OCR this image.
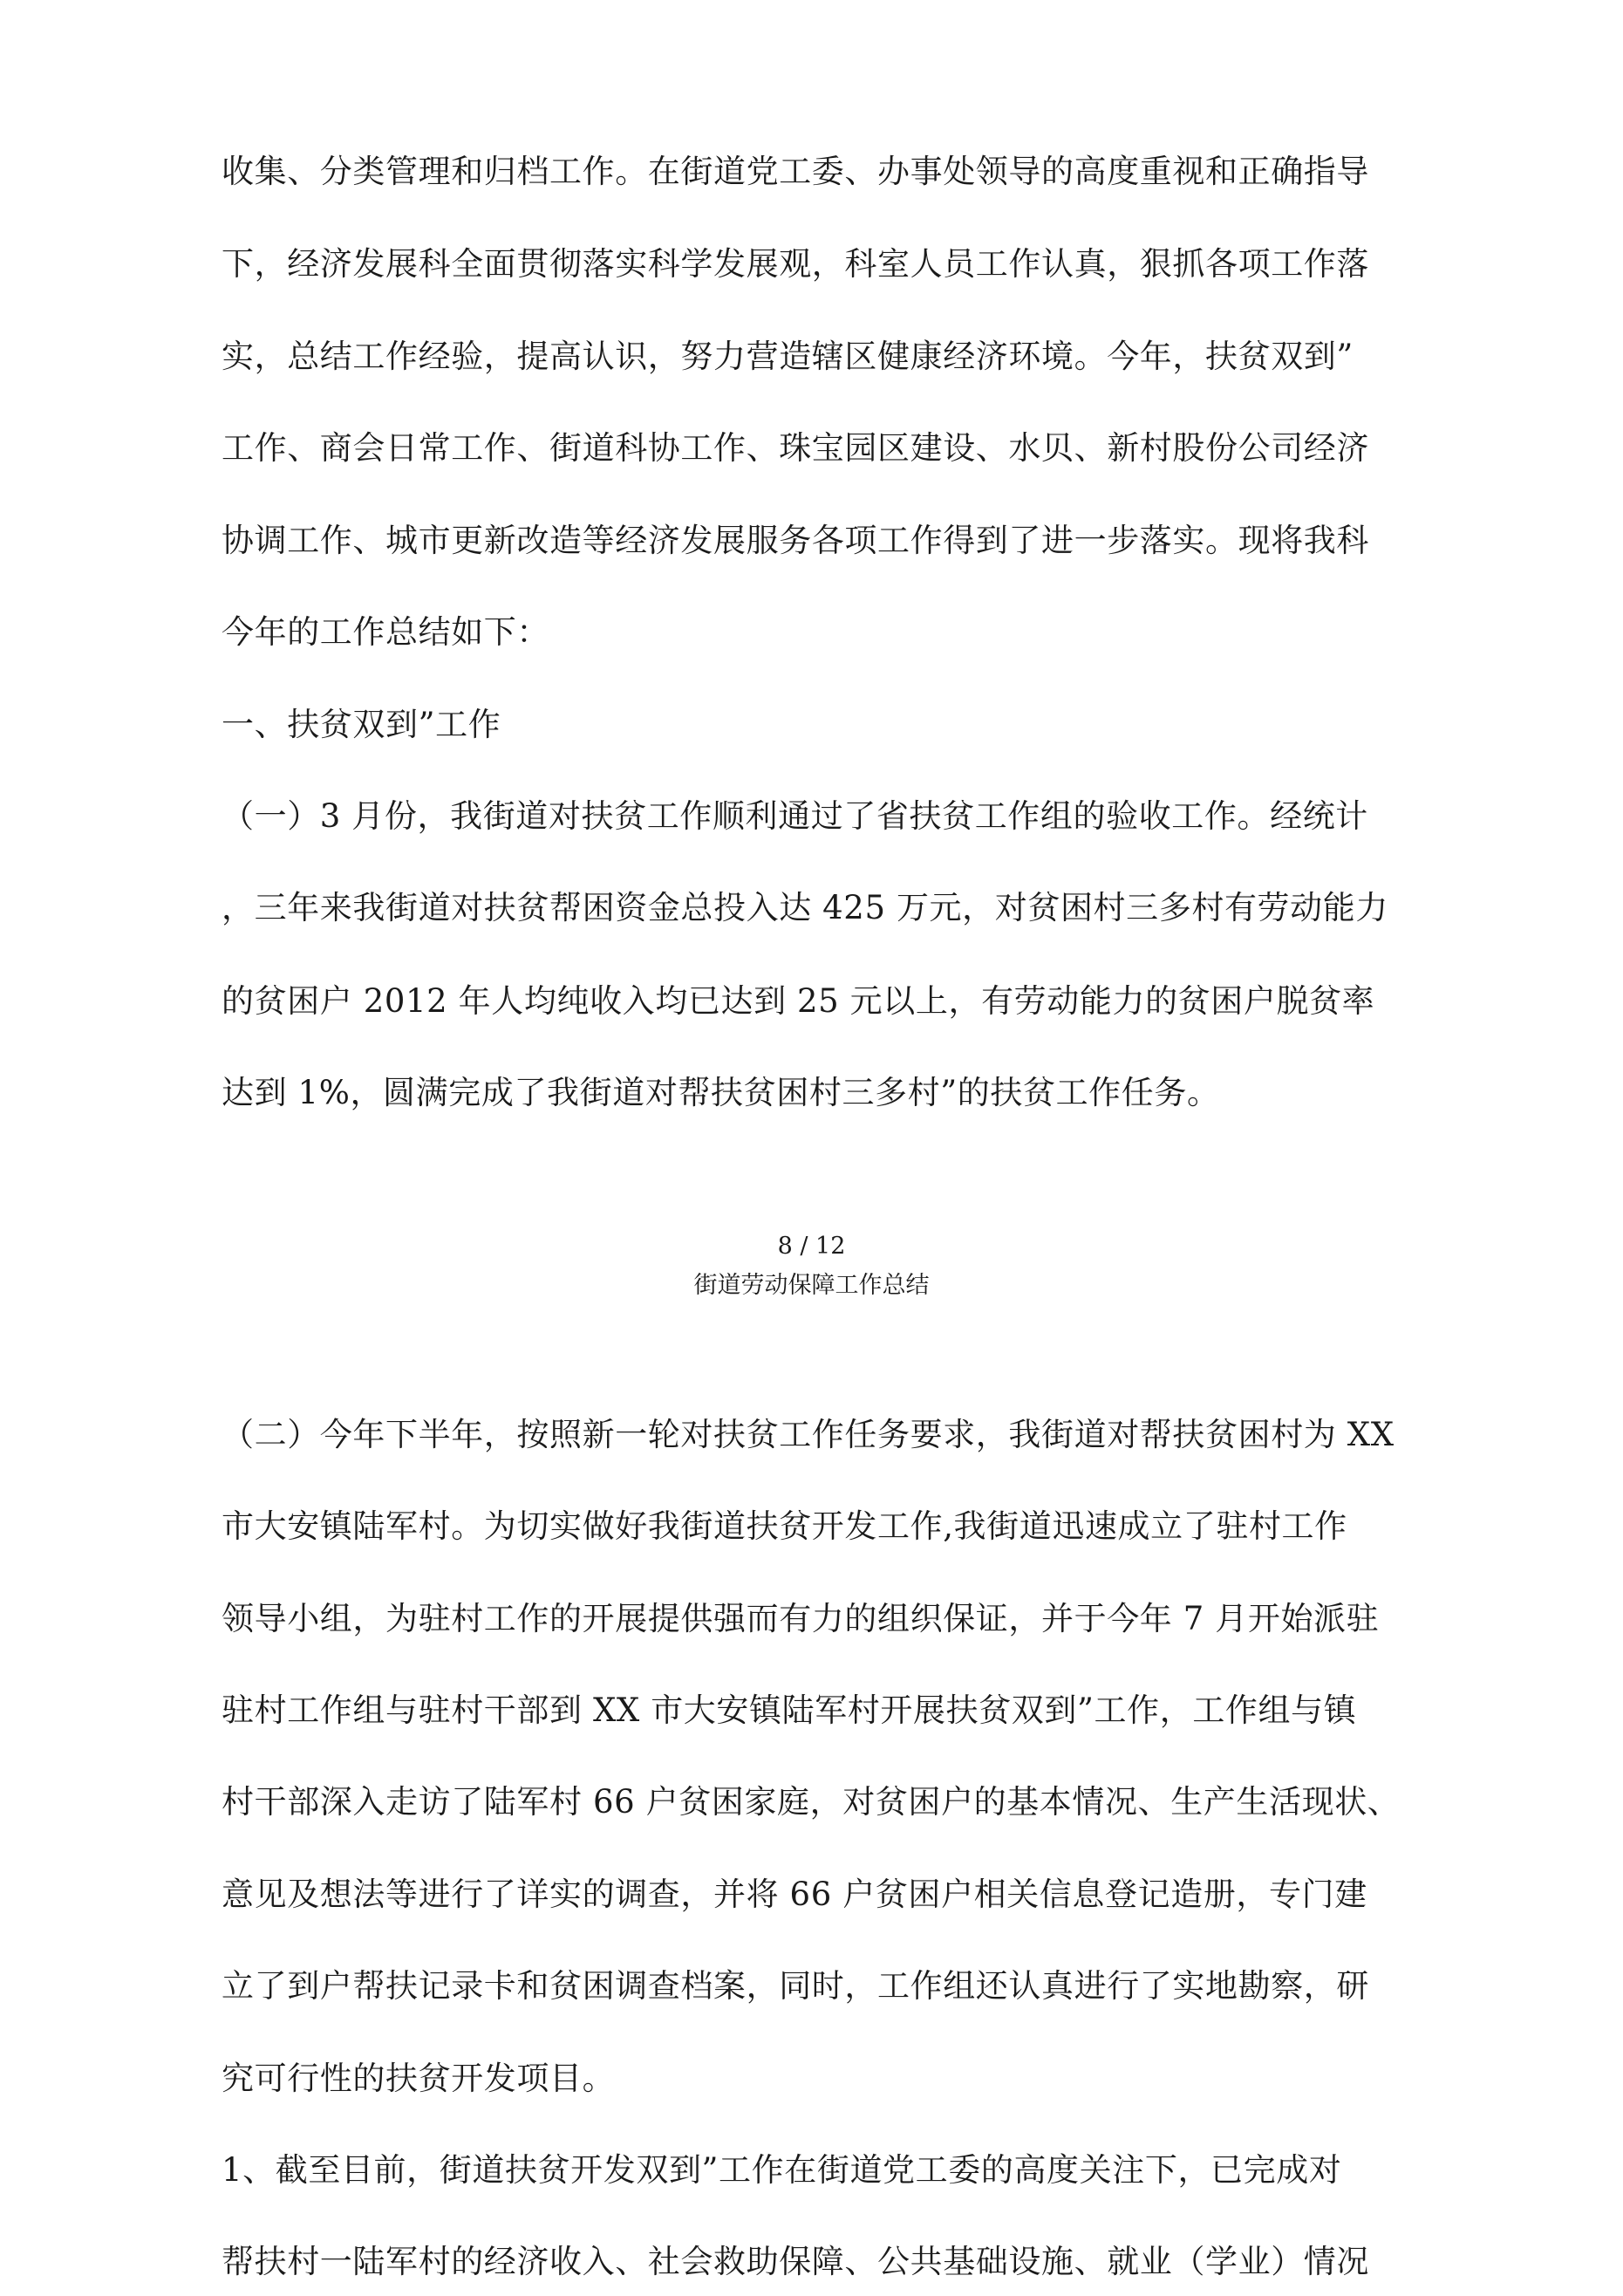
收集、分类管理和归档工作。在街道党工委、办事处领导的高度重视和正确指导
下，经济发展科全面贯彻落实科学发展观，科室人员工作认真，狠抓各项工作落
实，总结工作经验，提高认识，努力营造辖区健康经济环境。今年，扶贫双到”
工作、商会日常工作、街道科协工作、珠宝园区建设、水贝、新村股份公司经济
协调工作、城市更新改造等经济发展服务各项工作得到了进一步落实。现将我科
今年的工作总结如下：
一、扶贫双到”工作
（一）3 月份，我街道对扶贫工作顺利通过了省扶贫工作组的验收工作。经统计
，三年来我街道对扶贫帮困资金总投入达 425 万元，对贫困村三多村有劳动能力
的贫困户 2012 年人均纯收入均已达到 25 元以上，有劳动能力的贫困户脱贫率
达到 1%，圆满完成了我街道对帮扶贫困村三多村”的扶贫工作任务。
8 / 12
街道劳动保障工作总结
（二）今年下半年，按照新一轮对扶贫工作任务要求，我街道对帮扶贫困村为 XX
市大安镇陆军村。为切实做好我街道扶贫开发工作,我街道迅速成立了驻村工作
领导小组，为驻村工作的开展提供强而有力的组织保证，并于今年 7 月开始派驻
驻村工作组与驻村干部到 XX 市大安镇陆军村开展扶贫双到”工作，工作组与镇
村干部深入走访了陆军村 66 户贫困家庭，对贫困户的基本情况、生产生活现状、
意见及想法等进行了详实的调查，并将 66 户贫困户相关信息登记造册，专门建
立了到户帮扶记录卡和贫困调查档案，同时，工作组还认真进行了实地勘察，研
究可行性的扶贫开发项目。
1、截至目前，街道扶贫开发双到”工作在街道党工委的高度关注下，已完成对
帮扶村一陆军村的经济收入、社会救助保障、公共基础设施、就业（学业）情况
